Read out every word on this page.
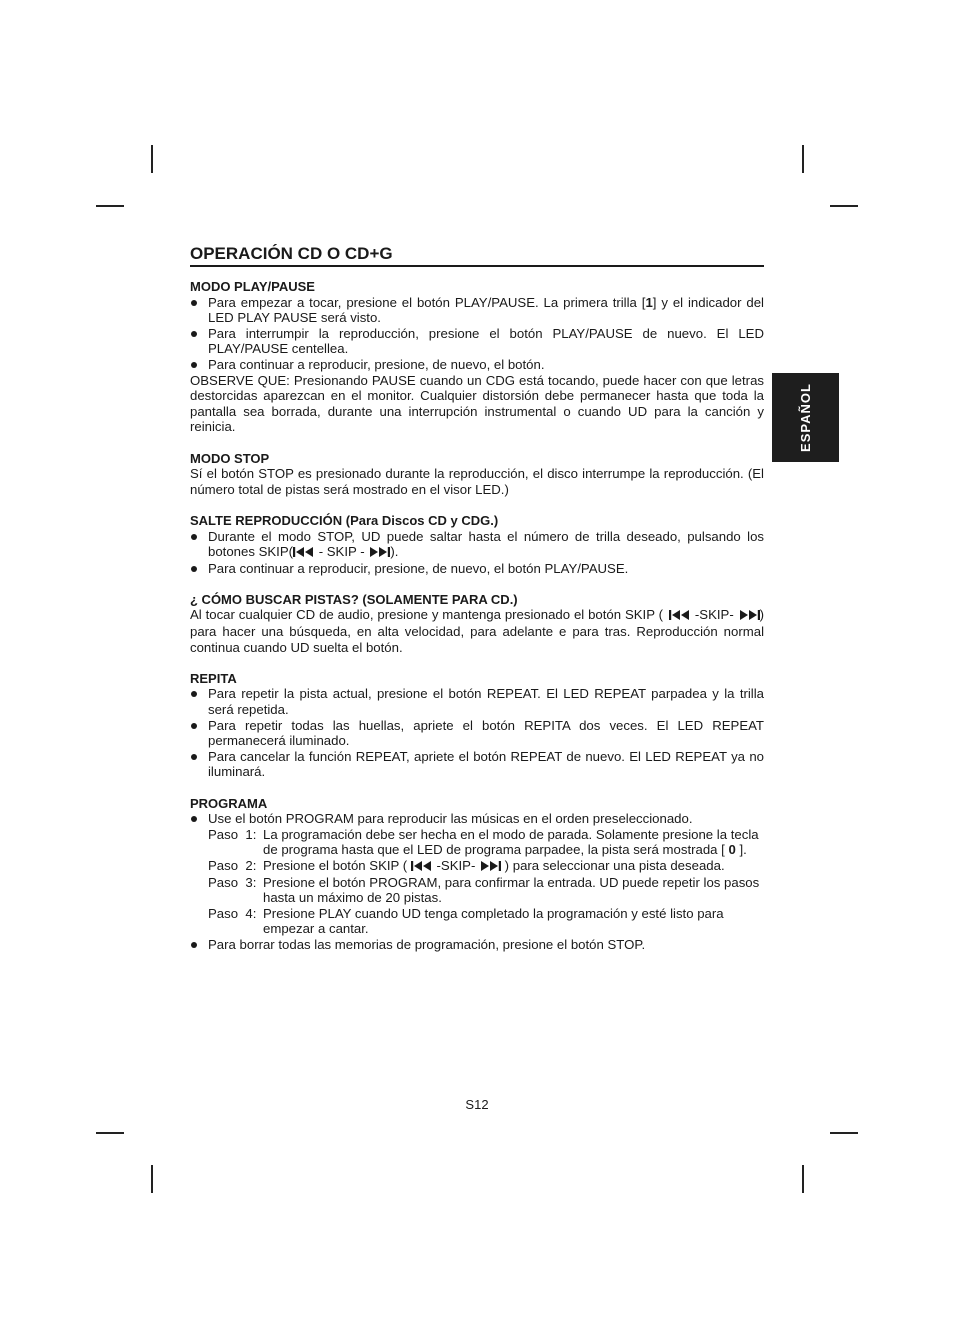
ESPAÑOL
OPERACIÓN CD O CD+G
MODO PLAY/PAUSE
Para empezar a tocar, presione el botón PLAY/PAUSE. La primera trilla [1] y el indicador del LED PLAY PAUSE será visto.
Para interrumpir la reproducción, presione el botón PLAY/PAUSE de nuevo. El LED PLAY/PAUSE centellea.
Para continuar a reproducir, presione, de nuevo, el botón.

OBSERVE QUE: Presionando PAUSE cuando un CDG está tocando, puede hacer con que letras destorcidas aparezcan en el monitor. Cualquier distorsión debe permanecer hasta que toda la pantalla sea borrada, durante una interrupción instrumental o cuando UD para la canción y reinicia.

MODO STOP

Sí el botón STOP es presionado durante la reproducción, el disco interrumpe la reproducción. (El número total de pistas será mostrado en el visor LED.)

SALTE REPRODUCCIÓN (Para Discos CD y CDG.)
Durante el modo STOP, UD puede saltar hasta el número de trilla deseado, pulsando los botones SKIP( - SKIP - ).
Para continuar a reproducir, presione, de nuevo, el botón PLAY/PAUSE.
¿ CÓMO BUSCAR PISTAS? (SOLAMENTE PARA CD.)

Al tocar cualquier CD de audio, presione y mantenga presionado el botón SKIP ( -SKIP- ) para hacer una búsqueda, en alta velocidad, para adelante e para tras. Reproducción normal continua cuando UD suelta el botón.

REPITA
Para repetir la pista actual, presione el botón REPEAT. El LED REPEAT parpadea y la trilla será repetida.
Para repetir todas las huellas, apriete el botón REPITA dos veces. El LED REPEAT permanecerá iluminado.
Para cancelar la función REPEAT, apriete el botón REPEAT de nuevo. El LED REPEAT ya no iluminará.
PROGRAMA
Use el botón PROGRAM para reproducir las músicas en el orden preseleccionado.
Paso  1: La programación debe ser hecha en el modo de parada. Solamente presione la tecla de programa hasta que el LED de programa parpadee, la pista será mostrada [ 0 ].
Paso  2: Presione el botón SKIP (  -SKIP-  ) para seleccionar una pista deseada.
Paso  3: Presione el botón PROGRAM, para confirmar la entrada. UD puede repetir los pasos hasta un máximo de 20 pistas.
Paso  4: Presione PLAY cuando UD tenga completado la programación y esté listo para empezar a cantar.
Para borrar todas las memorias de programación, presione el botón STOP.
S12
